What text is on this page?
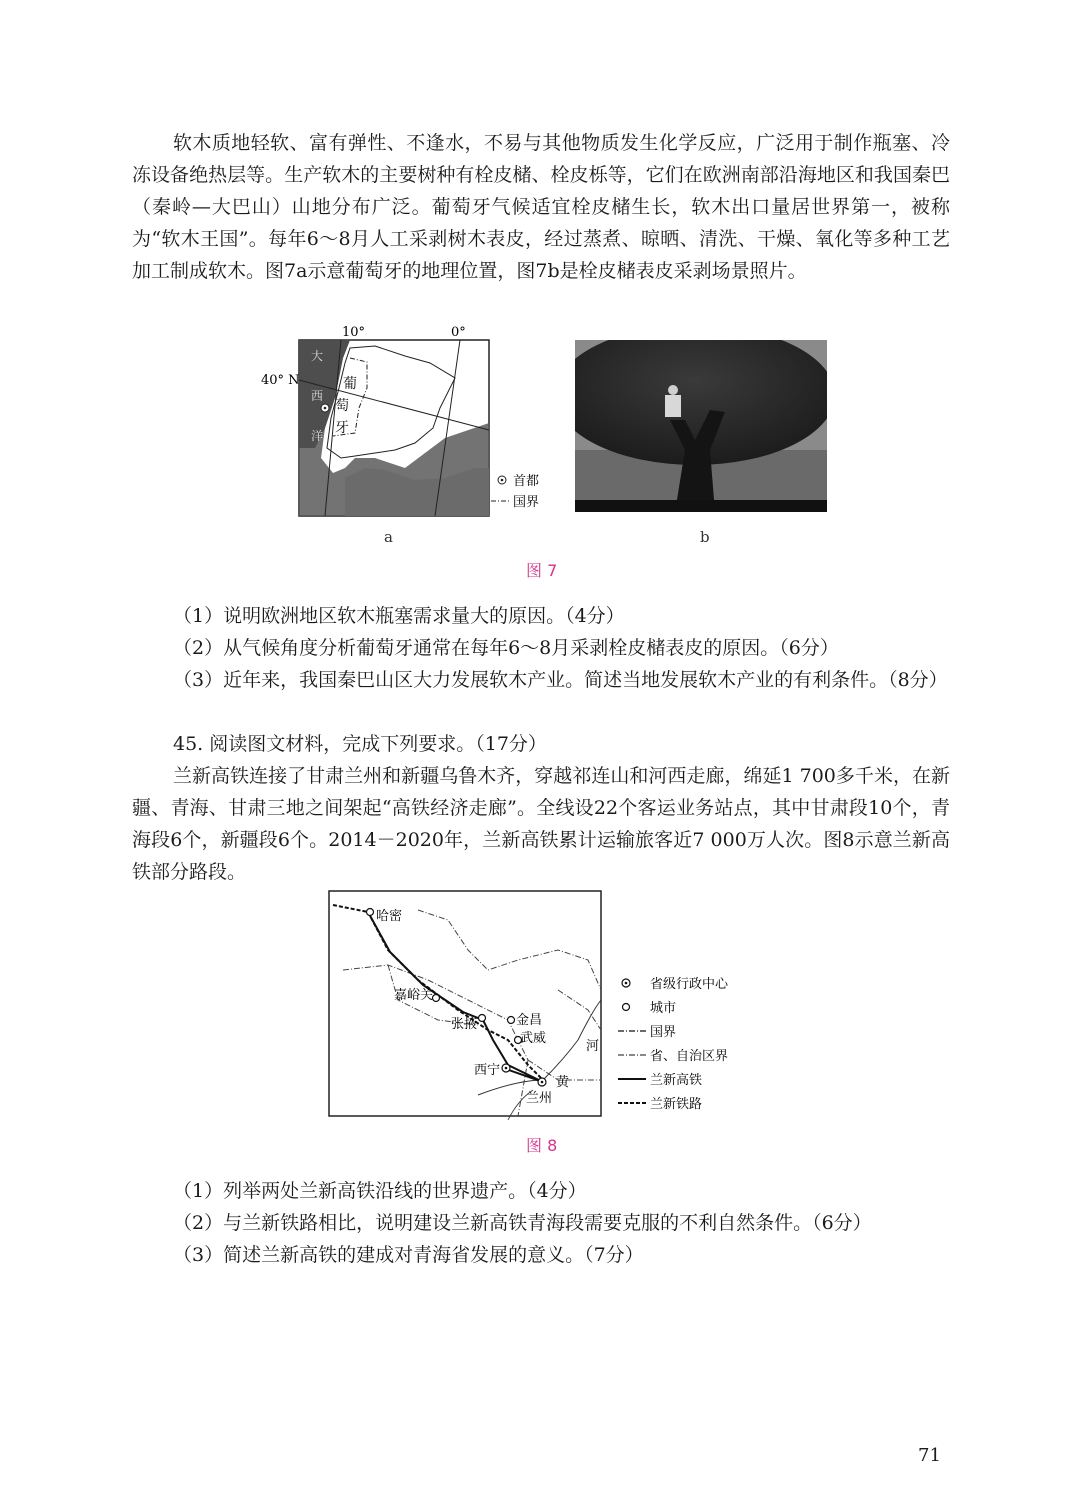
软木质地轻软、富有弹性、不逢水，不易与其他物质发生化学反应，广泛用于制作瓶塞、冷冻设备绝热层等。生产软木的主要树种有栓皮槠、栓皮栎等，它们在欧洲南部沿海地区和我国秦巴（秦岭—大巴山）山地分布广泛。葡萄牙气候适宜栓皮槠生长，软木出口量居世界第一，被称为“软木王国”。每年6～8月人工采剥树木表皮，经过蒸煮、晾晒、清洗、干燥、氧化等多种工艺加工制成软木。图7a示意葡萄牙的地理位置，图7b是栓皮槠表皮采剥场景照片。

10°	0°
40° N
大
西
洋
葡
萄
牙
首都
国界
a	b
图 7

（1）说明欧洲地区软木瓶塞需求量大的原因。（4分）

（2）从气候角度分析葡萄牙通常在每年6～8月采剥栓皮槠表皮的原因。（6分）

（3）近年来，我国秦巴山区大力发展软木产业。简述当地发展软木产业的有利条件。（8分）

45. 阅读图文材料，完成下列要求。（17分）

兰新高铁连接了甘肃兰州和新疆乌鲁木齐，穿越祁连山和河西走廊，绵延1 700多千米，在新疆、青海、甘肃三地之间架起“高铁经济走廊”。全线设22个客运业务站点，其中甘肃段10个，青海段6个，新疆段6个。2014－2020年，兰新高铁累计运输旅客近7 000万人次。图8示意兰新高铁部分路段。

哈密
嘉峪关
张掖	金昌
武威
西宁
兰州
黄
河
省级行政中心
城市
国界
省、自治区界
兰新高铁
兰新铁路
图 8

（1）列举两处兰新高铁沿线的世界遗产。（4分）

（2）与兰新铁路相比，说明建设兰新高铁青海段需要克服的不利自然条件。（6分）

（3）简述兰新高铁的建成对青海省发展的意义。（7分）

71
